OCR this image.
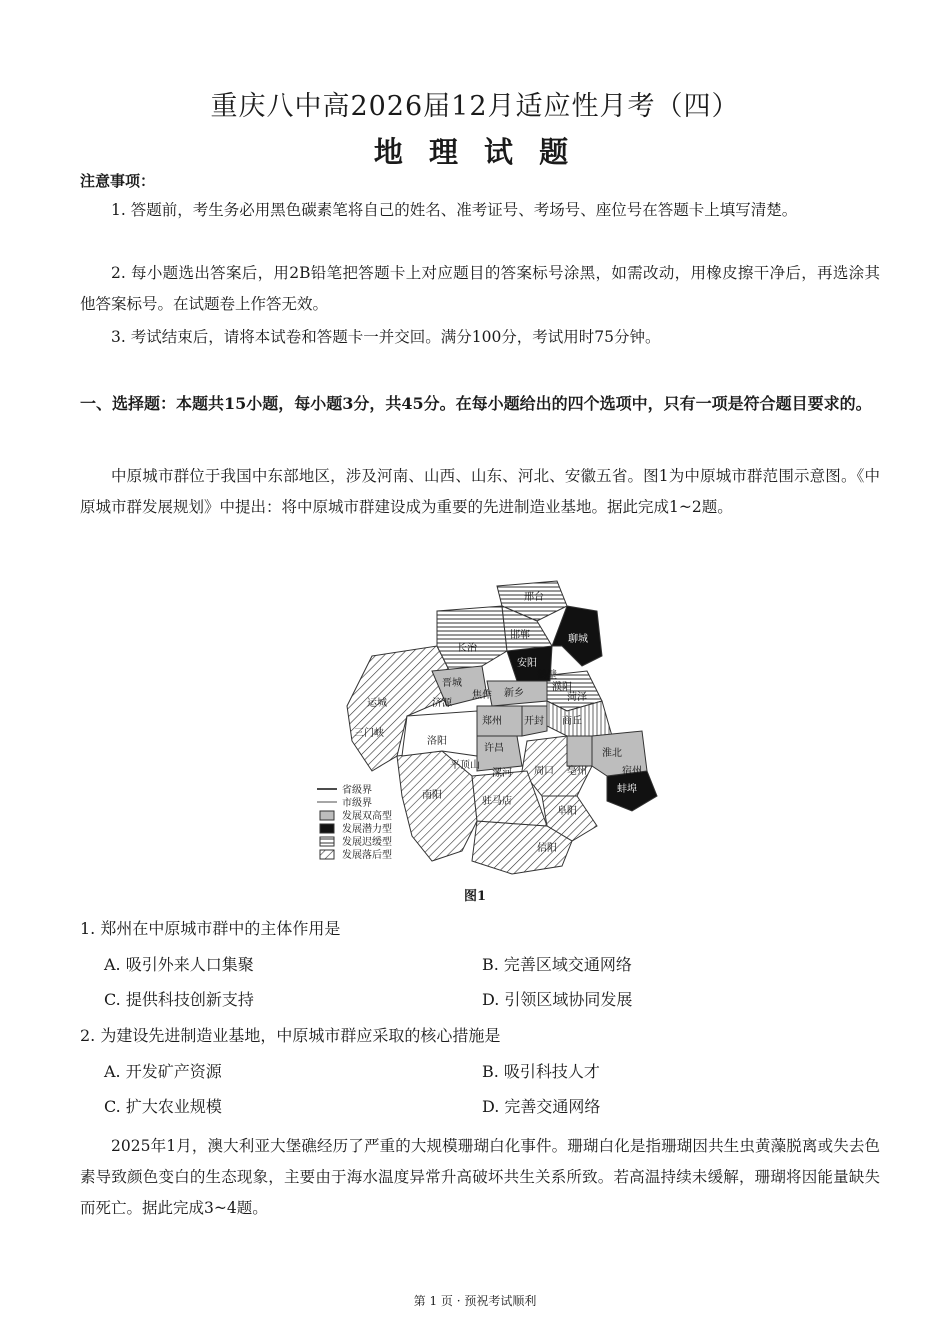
重庆八中高2026届12月适应性月考（四）
地 理 试 题
注意事项：
1. 答题前，考生务必用黑色碳素笔将自己的姓名、准考证号、考场号、座位号在答题卡上填写清楚。
2. 每小题选出答案后，用2B铅笔把答题卡上对应题目的答案标号涂黑，如需改动，用橡皮擦干净后，再选涂其他答案标号。在试题卷上作答无效。
3. 考试结束后，请将本试卷和答题卡一并交回。满分100分，考试用时75分钟。
一、选择题：本题共15小题，每小题3分，共45分。在每小题给出的四个选项中，只有一项是符合题目要求的。
中原城市群位于我国中东部地区，涉及河南、山西、山东、河北、安徽五省。图1为中原城市群范围示意图。《中原城市群发展规划》中提出：将中原城市群建设成为重要的先进制造业基地。据此完成1~2题。
邢台
邯郸	聊城
长治
安阳
鹤壁
晋城	濮阳
新乡
焦作
济源
运城
菏泽
郑州 开封
洛阳
商丘
三门峡
许昌
平顶山
漯河 周口
淮北
亳州	宿州
蚌埠
南阳
驻马店
阜阳
信阳
省级界
市级界
发展双高型
发展潜力型
发展迟缓型
发展落后型
图1
1. 郑州在中原城市群中的主体作用是
A. 吸引外来人口集聚	B. 完善区域交通网络
C. 提供科技创新支持	D. 引领区域协同发展
2. 为建设先进制造业基地，中原城市群应采取的核心措施是
A. 开发矿产资源	B. 吸引科技人才
C. 扩大农业规模	D. 完善交通网络
2025年1月，澳大利亚大堡礁经历了严重的大规模珊瑚白化事件。珊瑚白化是指珊瑚因共生虫黄藻脱离或失去色素导致颜色变白的生态现象，主要由于海水温度异常升高破坏共生关系所致。若高温持续未缓解，珊瑚将因能量缺失而死亡。据此完成3~4题。
第 1 页 · 预祝考试顺利
